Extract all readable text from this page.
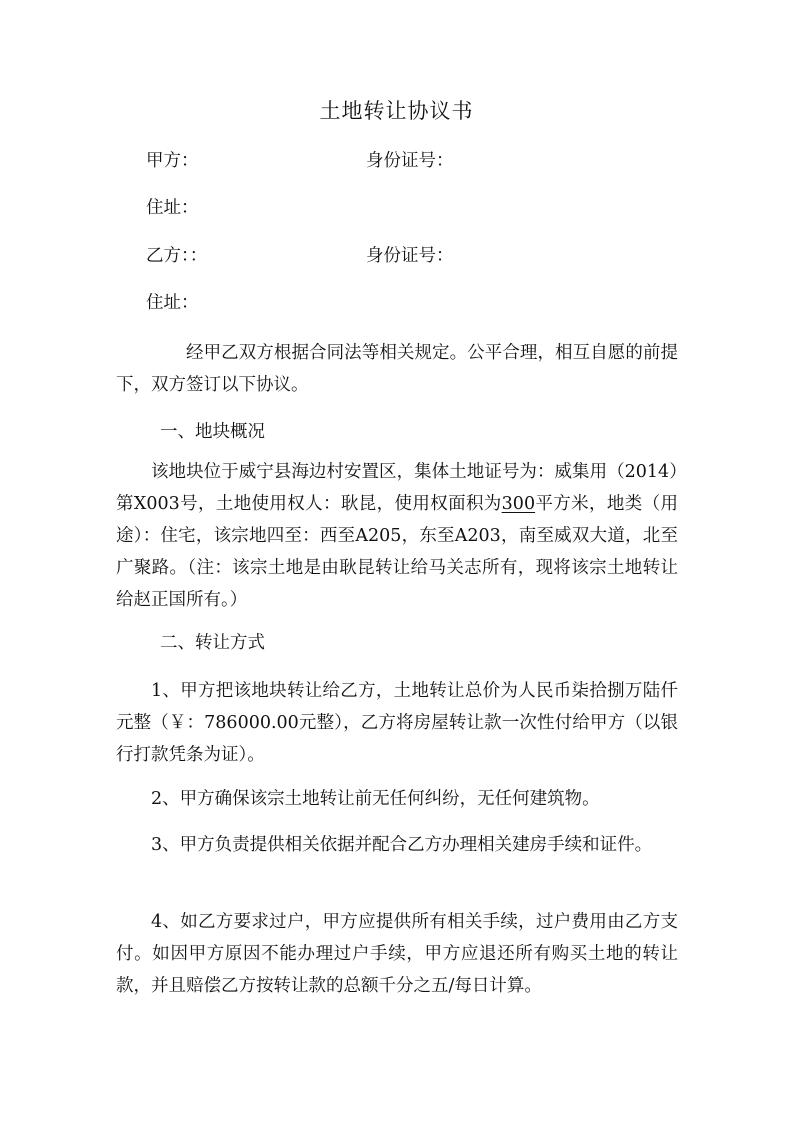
土地转让协议书
甲方：	身份证号：
住址：
乙方：：	身份证号：
住址：
经甲乙双方根据合同法等相关规定。公平合理，相互自愿的前提下，双方签订以下协议。
一、地块概况
该地块位于威宁县海边村安置区，集体土地证号为：威集用（2014）第X003号，土地使用权人：耿昆，使用权面积为300平方米，地类（用途）：住宅，该宗地四至：西至A205，东至A203，南至威双大道，北至广聚路。（注：该宗土地是由耿昆转让给马关志所有，现将该宗土地转让给赵正国所有。）
二、转让方式
1、甲方把该地块转让给乙方，土地转让总价为人民币柒拾捌万陆仟元整（￥：786000.00元整），乙方将房屋转让款一次性付给甲方（以银行打款凭条为证）。
2、甲方确保该宗土地转让前无任何纠纷，无任何建筑物。
3、甲方负责提供相关依据并配合乙方办理相关建房手续和证件。
4、如乙方要求过户，甲方应提供所有相关手续，过户费用由乙方支付。如因甲方原因不能办理过户手续，甲方应退还所有购买土地的转让款，并且赔偿乙方按转让款的总额千分之五/每日计算。
